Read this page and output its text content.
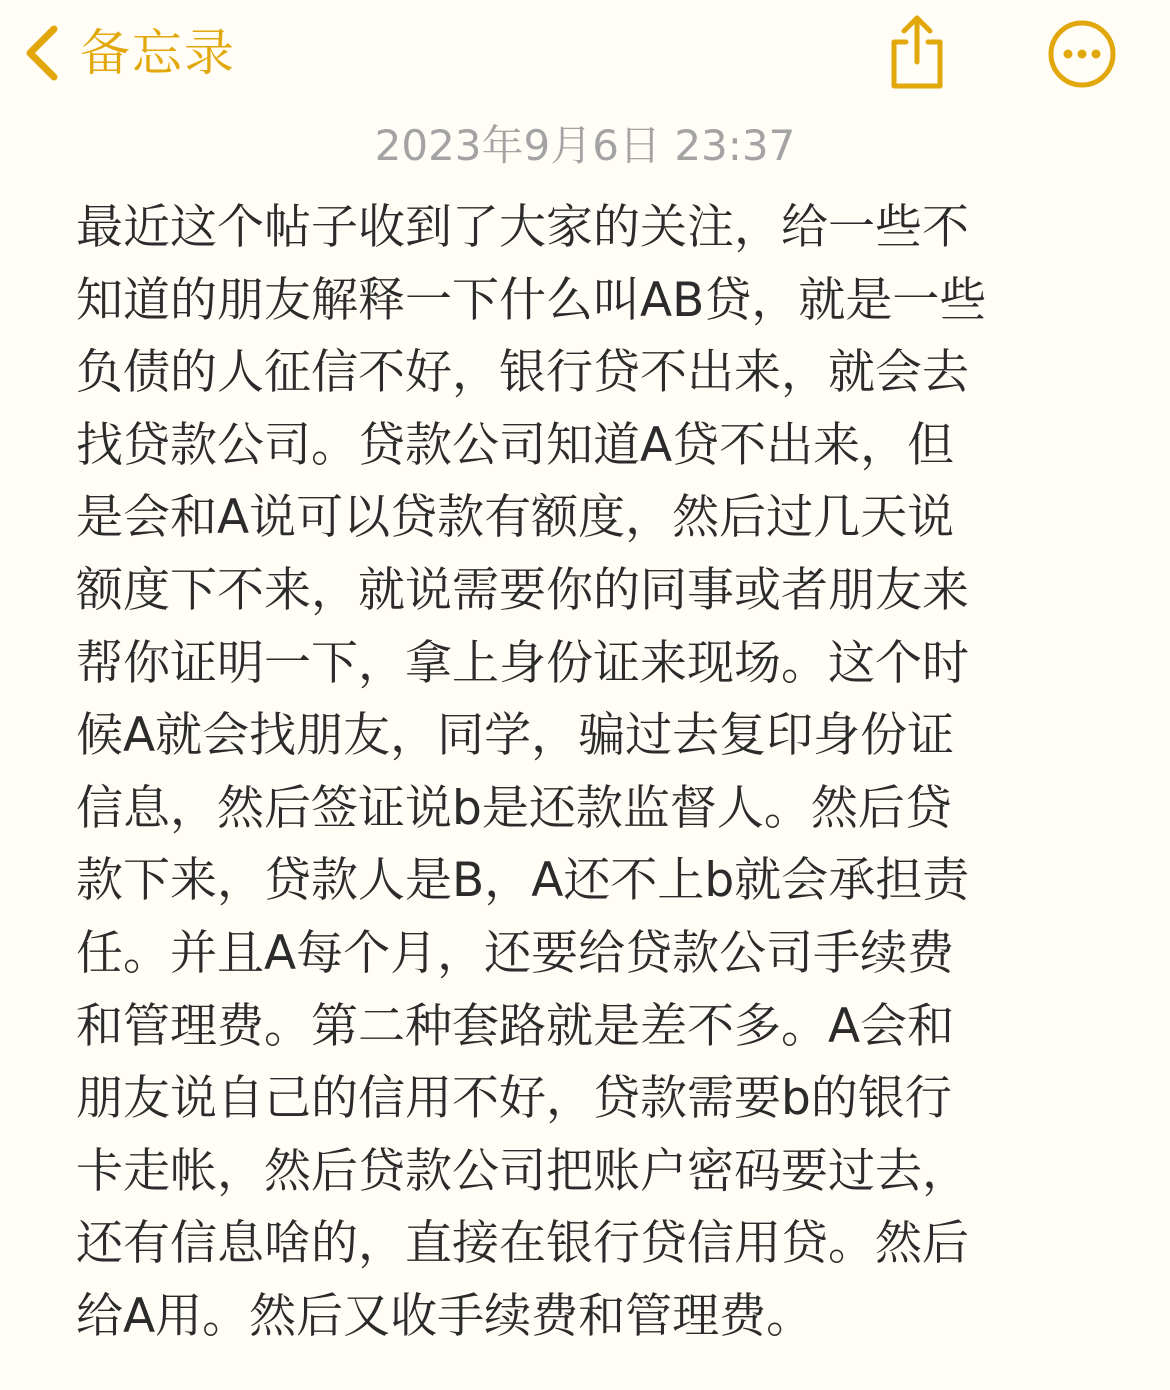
备忘录
2023年9月6日 23:37

最近这个帖子收到了大家的关注，给一些不
知道的朋友解释一下什么叫AB贷，就是一些
负债的人征信不好，银行贷不出来，就会去
找贷款公司。贷款公司知道A贷不出来，但
是会和A说可以贷款有额度，然后过几天说
额度下不来，就说需要你的同事或者朋友来
帮你证明一下，拿上身份证来现场。这个时
候A就会找朋友，同学，骗过去复印身份证
信息，然后签证说b是还款监督人。然后贷
款下来，贷款人是B，A还不上b就会承担责
任。并且A每个月，还要给贷款公司手续费
和管理费。第二种套路就是差不多。A会和
朋友说自己的信用不好，贷款需要b的银行
卡走帐，然后贷款公司把账户密码要过去，
还有信息啥的，直接在银行贷信用贷。然后
给A用。然后又收手续费和管理费。
